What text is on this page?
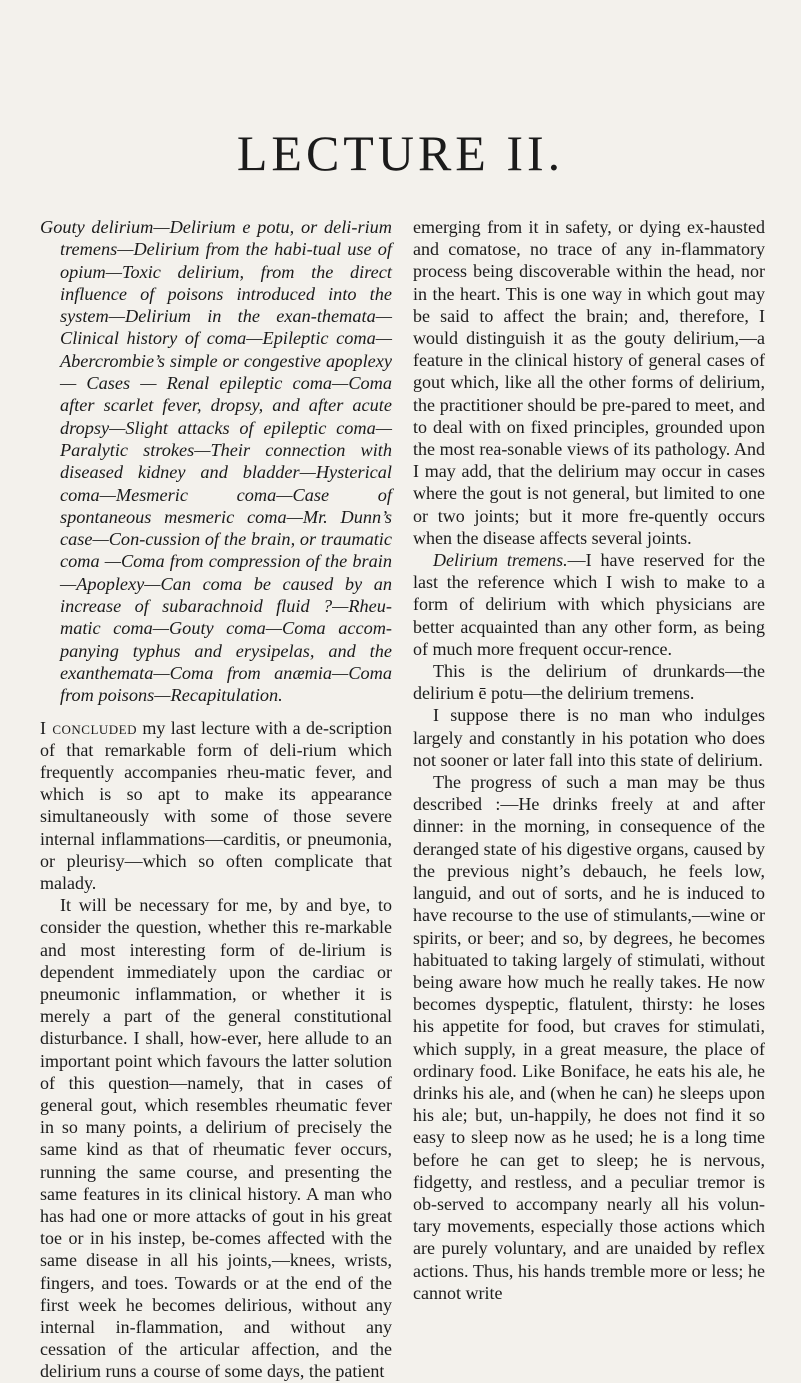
LECTURE II.

Gouty delirium—Delirium e potu, or deli-rium tremens—Delirium from the habi-tual use of opium—Toxic delirium, from the direct influence of poisons introduced into the system—Delirium in the exan-themata—Clinical history of coma—Epileptic coma—Abercrombie’s simple or congestive apoplexy — Cases — Renal epileptic coma—Coma after scarlet fever, dropsy, and after acute dropsy—Slight attacks of epileptic coma—Paralytic strokes—Their connection with diseased kidney and bladder—Hysterical coma—Mesmeric coma—Case of spontaneous mesmeric coma—Mr. Dunn’s case—Con-cussion of the brain, or traumatic coma —Coma from compression of the brain—Apoplexy—Can coma be caused by an increase of subarachnoid fluid ?—Rheu-matic coma—Gouty coma—Coma accom-panying typhus and erysipelas, and the exanthemata—Coma from anæmia—Coma from poisons—Recapitulation.

I concluded my last lecture with a de-scription of that remarkable form of deli-rium which frequently accompanies rheu-matic fever, and which is so apt to make its appearance simultaneously with some of those severe internal inflammations—carditis, or pneumonia, or pleurisy—which so often complicate that malady.

It will be necessary for me, by and bye, to consider the question, whether this re-markable and most interesting form of de-lirium is dependent immediately upon the cardiac or pneumonic inflammation, or whether it is merely a part of the general constitutional disturbance. I shall, how-ever, here allude to an important point which favours the latter solution of this question—namely, that in cases of general gout, which resembles rheumatic fever in so many points, a delirium of precisely the same kind as that of rheumatic fever occurs, running the same course, and presenting the same features in its clinical history. A man who has had one or more attacks of gout in his great toe or in his instep, be-comes affected with the same disease in all his joints,—knees, wrists, fingers, and toes. Towards or at the end of the first week he becomes delirious, without any internal in-flammation, and without any cessation of the articular affection, and the delirium runs a course of some days, the patient

emerging from it in safety, or dying ex-hausted and comatose, no trace of any in-flammatory process being discoverable within the head, nor in the heart. This is one way in which gout may be said to affect the brain; and, therefore, I would distinguish it as the gouty delirium,—a feature in the clinical history of general cases of gout which, like all the other forms of delirium, the practitioner should be pre-pared to meet, and to deal with on fixed principles, grounded upon the most rea-sonable views of its pathology. And I may add, that the delirium may occur in cases where the gout is not general, but limited to one or two joints; but it more fre-quently occurs when the disease affects several joints.

Delirium tremens.—I have reserved for the last the reference which I wish to make to a form of delirium with which physicians are better acquainted than any other form, as being of much more frequent occur-rence.

This is the delirium of drunkards—the delirium ē potu—the delirium tremens.

I suppose there is no man who indulges largely and constantly in his potation who does not sooner or later fall into this state of delirium.

The progress of such a man may be thus described :—He drinks freely at and after dinner: in the morning, in consequence of the deranged state of his digestive organs, caused by the previous night’s debauch, he feels low, languid, and out of sorts, and he is induced to have recourse to the use of stimulants,—wine or spirits, or beer; and so, by degrees, he becomes habituated to taking largely of stimulati, without being aware how much he really takes. He now becomes dyspeptic, flatulent, thirsty: he loses his appetite for food, but craves for stimulati, which supply, in a great measure, the place of ordinary food. Like Boniface, he eats his ale, he drinks his ale, and (when he can) he sleeps upon his ale; but, un-happily, he does not find it so easy to sleep now as he used; he is a long time before he can get to sleep; he is nervous, fidgetty, and restless, and a peculiar tremor is ob-served to accompany nearly all his volun-tary movements, especially those actions which are purely voluntary, and are unaided by reflex actions. Thus, his hands tremble more or less; he cannot write
